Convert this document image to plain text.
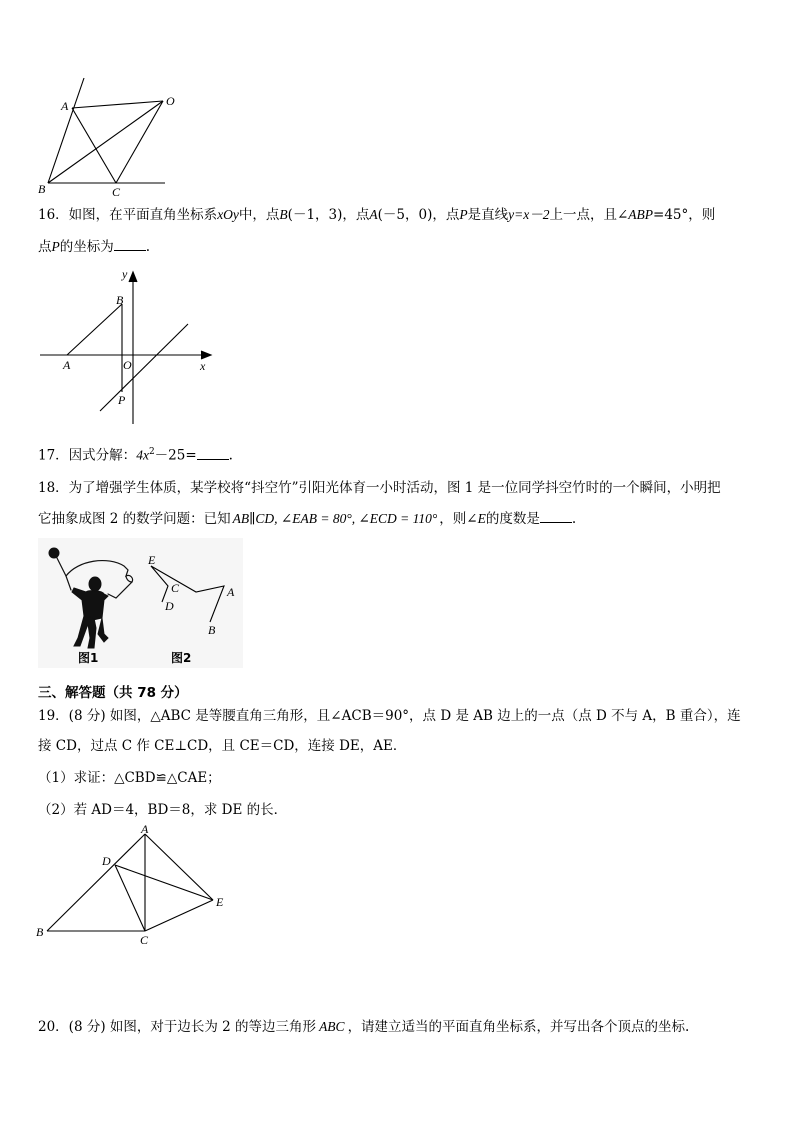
A	O
B	C
16．如图，在平面直角坐标系xOy中，点B(－1，3)，点A(－5，0)，点P是直线y=x－2上一点，且∠ABP=45°，则
点P的坐标为 .
y
x
B
A	O
P
17．因式分解：$4x^2-25=$ .
18．为了增强学生体质，某学校将“抖空竹”引阳光体育一小时活动，图 1 是一位同学抖空竹时的一个瞬间，小明把
它抽象成图 2 的数学问题：已知 AB∥CD, ∠EAB = 80°, ∠ECD = 110° ，则∠E的度数是 .
图1
E
C
D
A
B
图2
三、解答题（共 78 分）
19．(8 分) 如图，△ABC 是等腰直角三角形，且∠ACB＝90°，点 D 是 AB 边上的一点（点 D 不与 A，B 重合），连
接 CD，过点 C 作 CE⊥CD，且 CE＝CD，连接 DE，AE．
（1）求证：△CBD≌△CAE；
（2）若 AD＝4，BD＝8，求 DE 的长．
A
D
E
B
C
20．(8 分) 如图，对于边长为 2 的等边三角形 ABC ，请建立适当的平面直角坐标系，并写出各个顶点的坐标.
